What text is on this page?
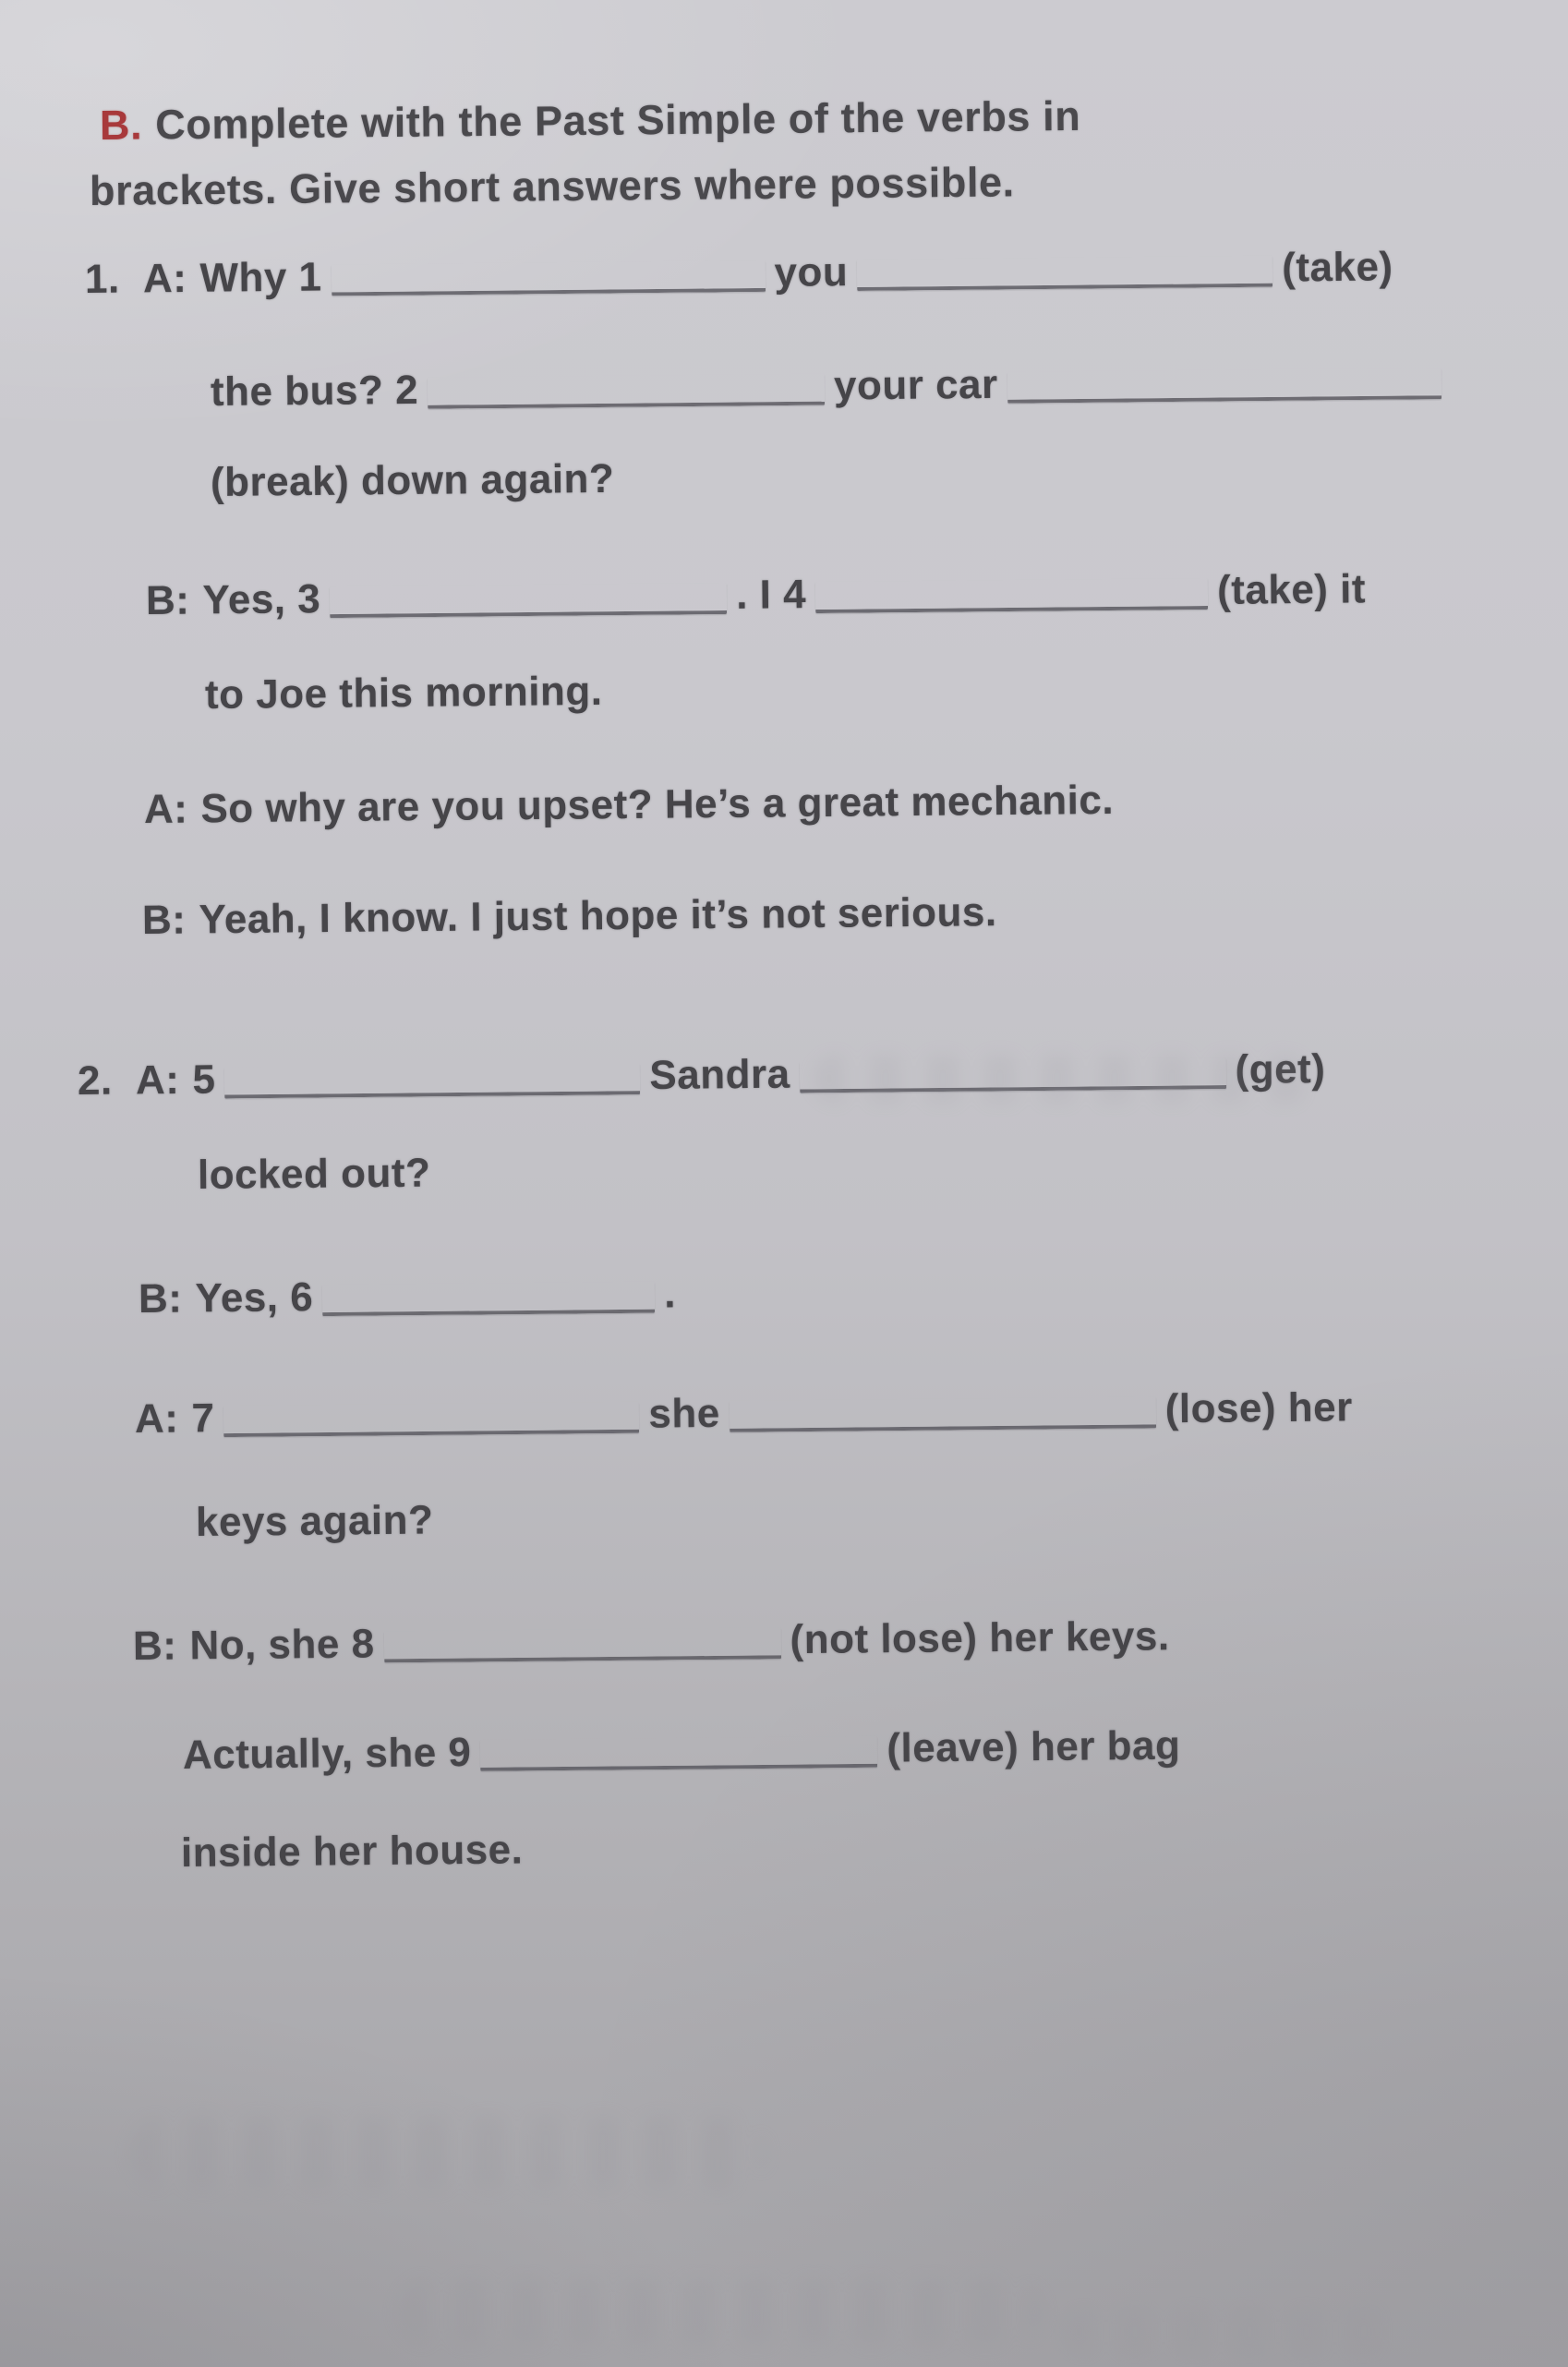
B. Complete with the Past Simple of the verbs in
brackets. Give short answers where possible.
1. A: Why 1	you	(take)
the bus? 2	your car
(break) down again?
B: Yes, 3	. I 4	(take) it
to Joe this morning.
A: So why are you upset? He’s a great mechanic.
B: Yeah, I know. I just hope it’s not serious.
2. A: 5	Sandra	(get)
locked out?
B: Yes, 6	.
A: 7	she	(lose) her
keys again?
B: No, she 8	(not lose) her keys.
Actually, she 9	(leave) her bag
inside her house.
